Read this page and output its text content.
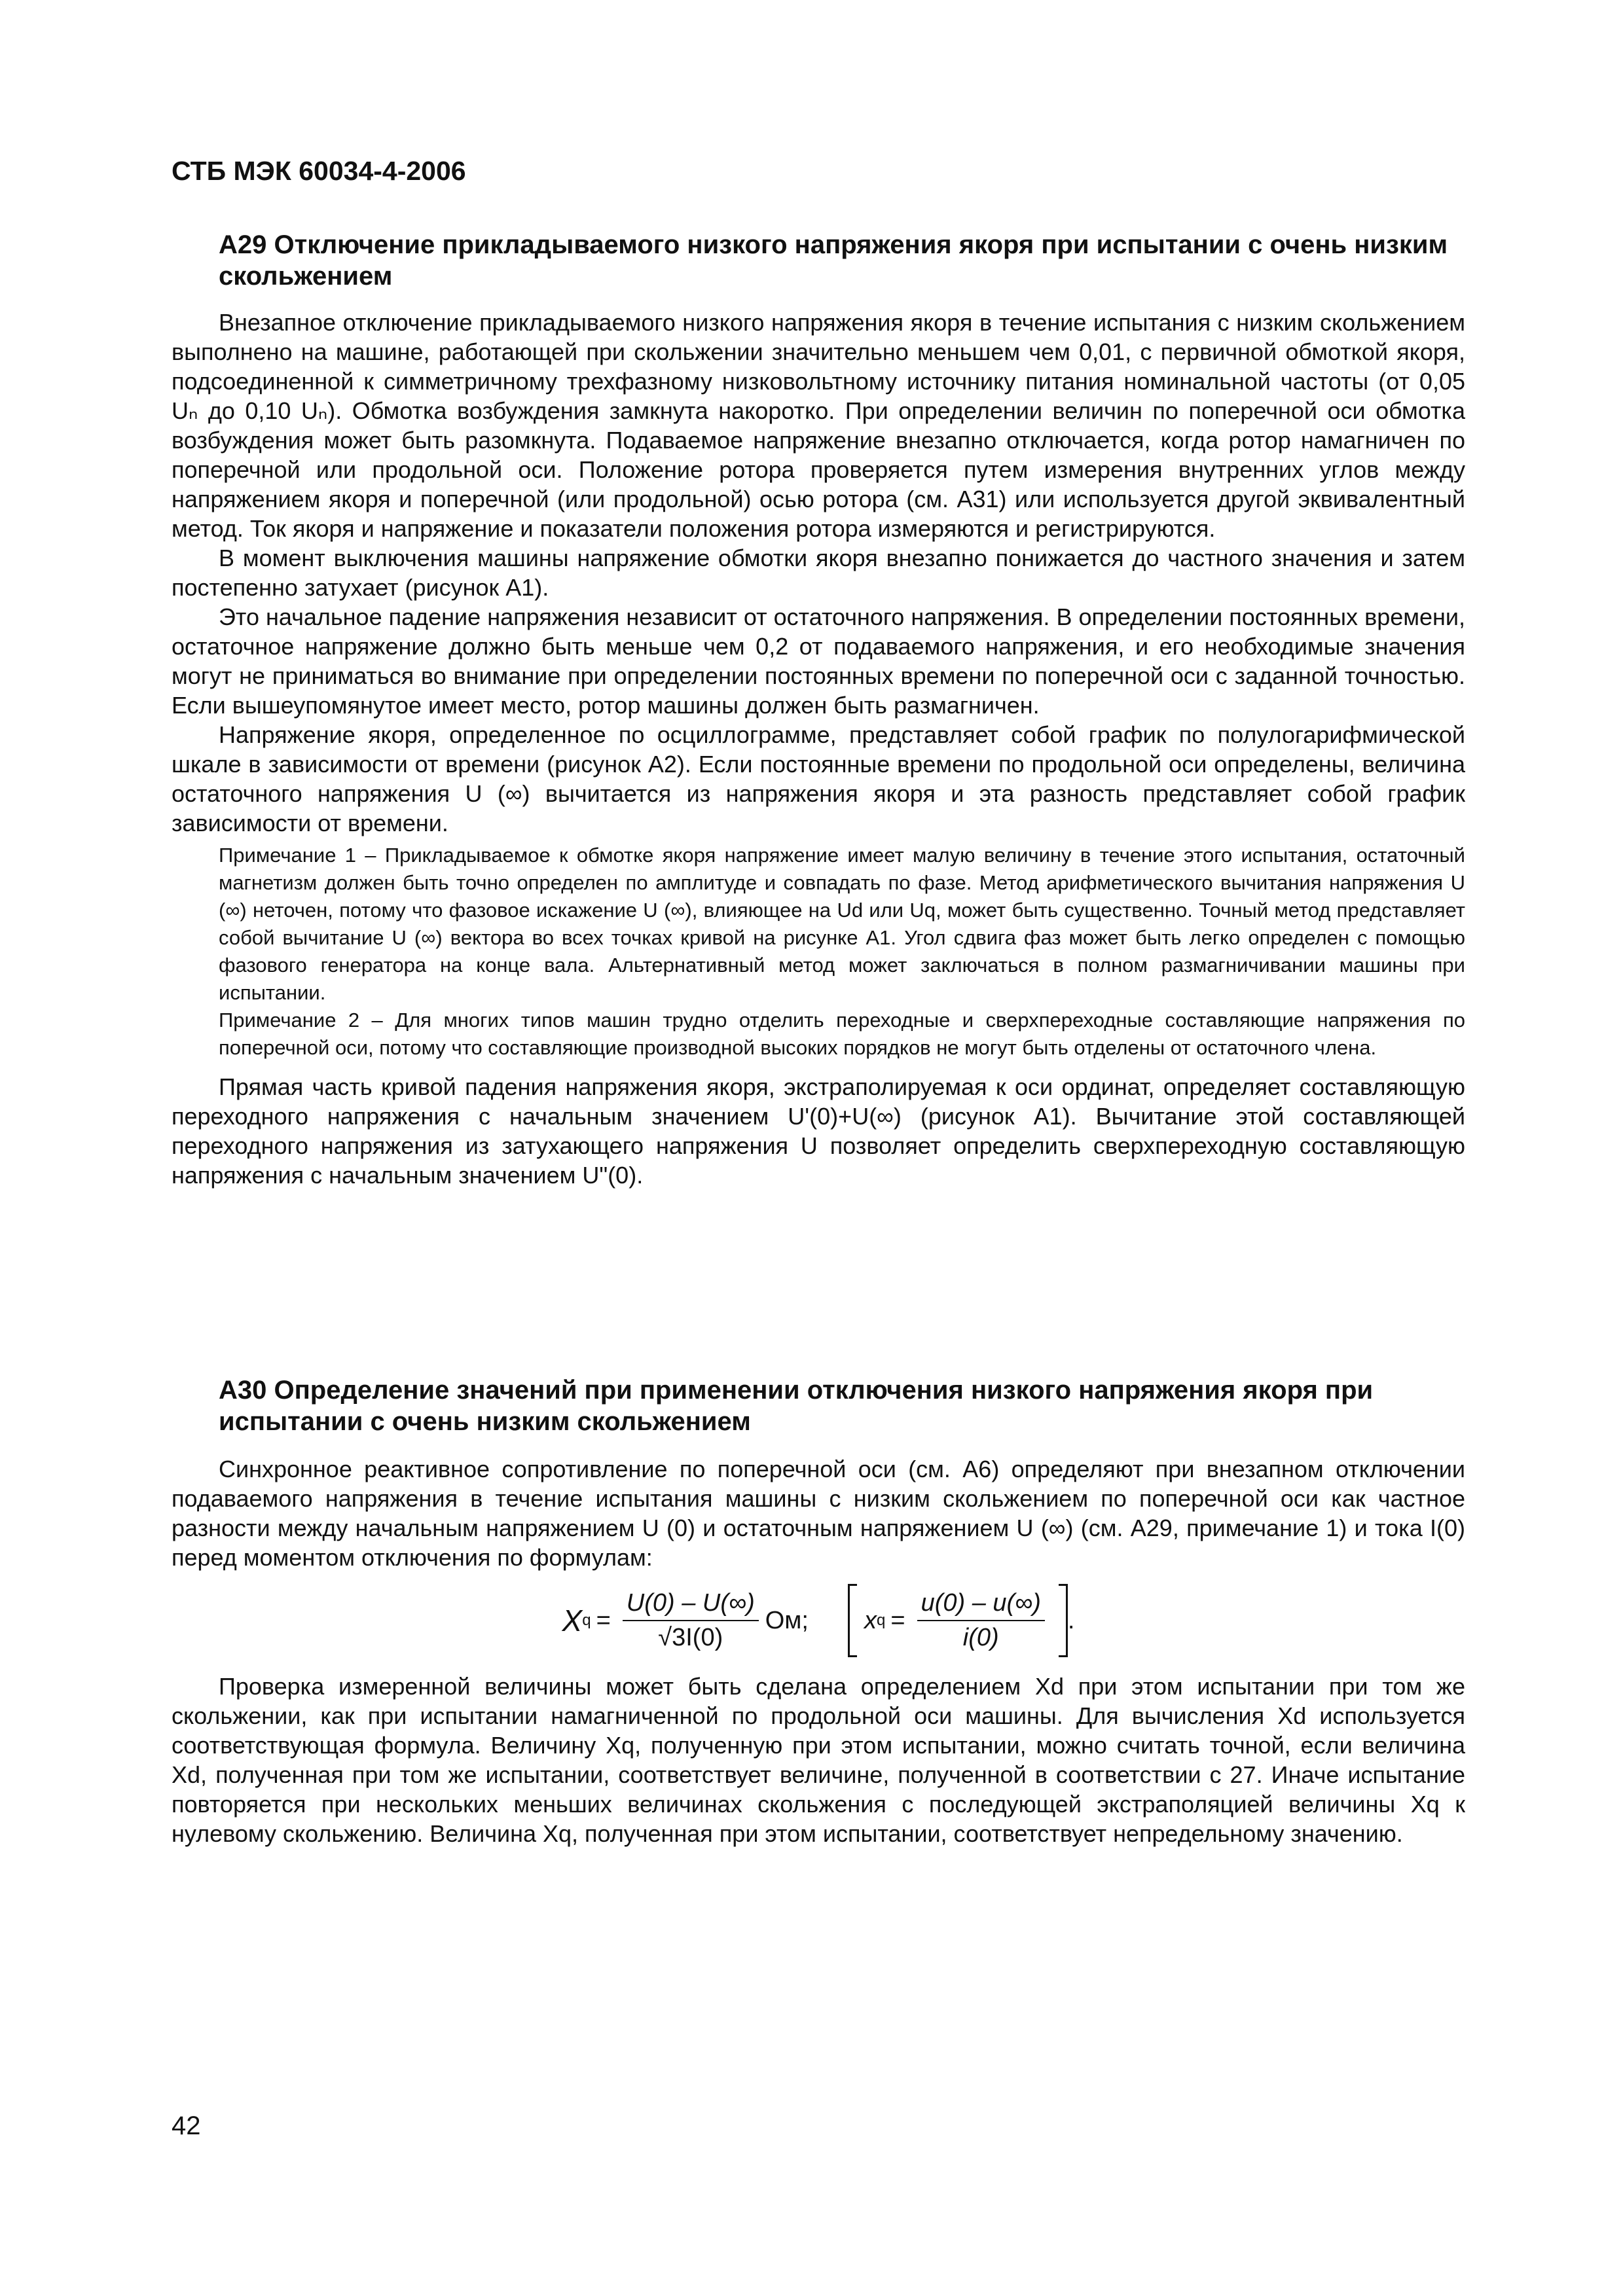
СТБ МЭК 60034-4-2006
А29 Отключение прикладываемого низкого напряжения якоря при испытании с очень низким скольжением

Внезапное отключение прикладываемого низкого напряжения якоря в течение испытания с низким скольжением выполнено на машине, работающей при скольжении значительно меньшем чем 0,01, с первичной обмоткой якоря, подсоединенной к симметричному трехфазному низковольтному источнику питания номинальной частоты (от 0,05 Uₙ до 0,10 Uₙ). Обмотка возбуждения замкнута накоротко. При определении величин по поперечной оси обмотка возбуждения может быть разомкнута. Подаваемое напряжение внезапно отключается, когда ротор намагничен по поперечной или продольной оси. Положение ротора проверяется путем измерения внутренних углов между напряжением якоря и поперечной (или продольной) осью ротора (см. А31) или используется другой эквивалентный метод. Ток якоря и напряжение и показатели положения ротора измеряются и регистрируются.

В момент выключения машины напряжение обмотки якоря внезапно понижается до частного значения и затем постепенно затухает (рисунок А1).

Это начальное падение напряжения независит от остаточного напряжения. В определении постоянных времени, остаточное напряжение должно быть меньше чем 0,2 от подаваемого напряжения, и его необходимые значения могут не приниматься во внимание при определении постоянных времени по поперечной оси с заданной точностью. Если вышеупомянутое имеет место, ротор машины должен быть размагничен.

Напряжение якоря, определенное по осциллограмме, представляет собой график по полулогарифмической шкале в зависимости от времени (рисунок А2). Если постоянные времени по продольной оси определены, величина остаточного напряжения U (∞) вычитается из напряжения якоря и эта разность представляет собой график зависимости от времени.

Примечание 1 – Прикладываемое к обмотке якоря напряжение имеет малую величину в течение этого испытания, остаточный магнетизм должен быть точно определен по амплитуде и совпадать по фазе. Метод арифметического вычитания напряжения U (∞) неточен, потому что фазовое искажение U (∞), влияющее на Ud или Uq, может быть существенно. Точный метод представляет собой вычитание U (∞) вектора во всех точках кривой на рисунке А1. Угол сдвига фаз может быть легко определен с помощью фазового генератора на конце вала. Альтернативный метод может заключаться в полном размагничивании машины при испытании.

Примечание 2 – Для многих типов машин трудно отделить переходные и сверхпереходные составляющие напряжения по поперечной оси, потому что составляющие производной высоких порядков не могут быть отделены от остаточного члена.

Прямая часть кривой падения напряжения якоря, экстраполируемая к оси ординат, определяет составляющую переходного напряжения с начальным значением U'(0)+U(∞) (рисунок А1). Вычитание этой составляющей переходного напряжения из затухающего напряжения U позволяет определить сверхпереходную составляющую напряжения с начальным значением U"(0).

А30 Определение значений при применении отключения низкого напряжения якоря при испытании с очень низким скольжением

Синхронное реактивное сопротивление по поперечной оси (см. А6) определяют при внезапном отключении подаваемого напряжения в течение испытания машины с низким скольжением по поперечной оси как частное разности между начальным напряжением U (0) и остаточным напряжением U (∞) (см. А29, примечание 1) и тока I(0) перед моментом отключения по формулам:

X $q = \frac{U(0) - U(\infty)}{√3I(0)}$ Ом; x $q = \frac{u(0) - u(\infty)}{i(0)}$ .

Проверка измеренной величины может быть сделана определением Xd при этом испытании при том же скольжении, как при испытании намагниченной по продольной оси машины. Для вычисления Xd используется соответствующая формула. Величину Xq, полученную при этом испытании, можно считать точной, если величина Xd, полученная при том же испытании, соответствует величине, полученной в соответствии с 27. Иначе испытание повторяется при нескольких меньших величинах скольжения с последующей экстраполяцией величины Xq к нулевому скольжению. Величина Xq, полученная при этом испытании, соответствует непредельному значению.

42
